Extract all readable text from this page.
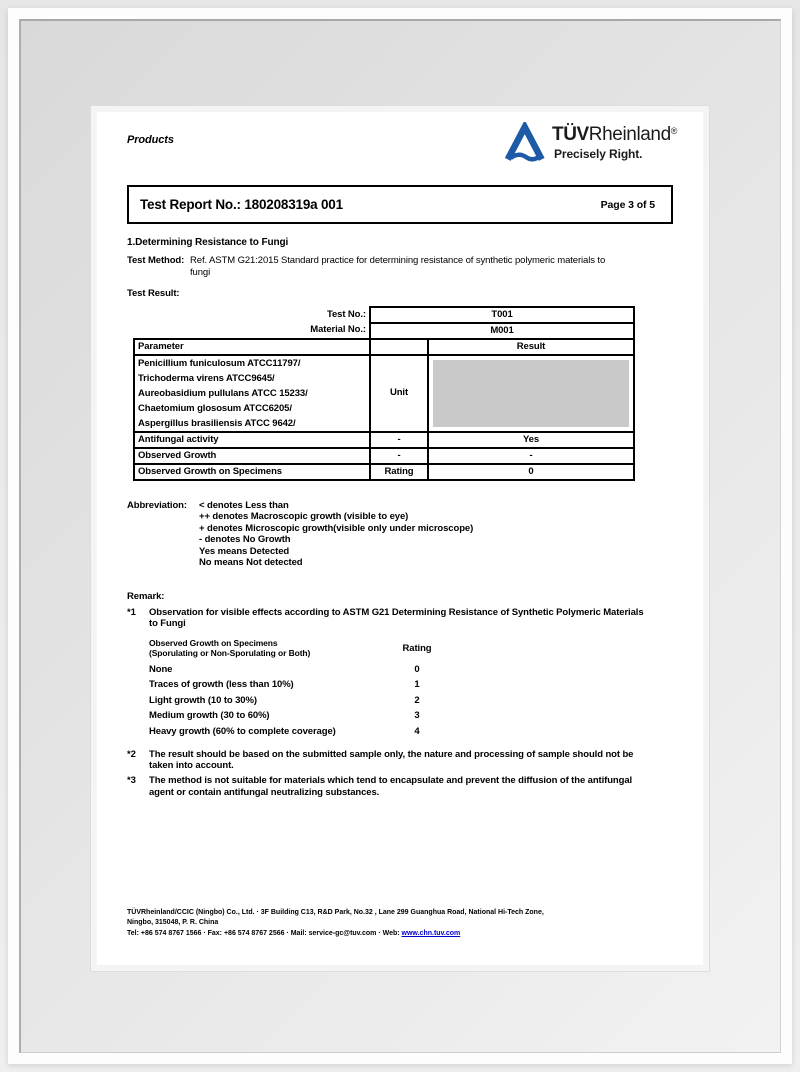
Products	TÜVRheinland®
Precisely Right.
Test Report No.: 180208319a 001	Page 3 of 5
1.Determining Resistance to Fungi
Test Method: Ref. ASTM G21:2015 Standard practice for determining resistance of synthetic polymeric materials to fungi
Test Result:
Test No.:	T001	
Material No.:	M001	
Parameter		Result

Penicillium funiculosum ATCC11797/
Trichoderma virens ATCC9645/
Aureobasidium pullulans ATCC 15233/
Chaetomium glososum ATCC6205/
Aspergillus brasiliensis ATCC 9642/	Unit	

Antifungal activity	-	Yes
Observed Growth	-	-
Observed Growth on Specimens	Rating	0
Abbreviation:	< denotes Less than
++ denotes Macroscopic growth (visible to eye)
+ denotes Microscopic growth(visible only under microscope)
- denotes No Growth
Yes means Detected
No means Not detected
Remark:
*1	Observation for visible effects according to ASTM G21 Determining Resistance of Synthetic Polymeric Materials to Fungi
Observed Growth on Specimens
(Sporulating or Non-Sporulating or Both)	Rating
None	0
Traces of growth (less than 10%)	1
Light growth (10 to 30%)	2
Medium growth (30 to 60%)	3
Heavy growth (60% to complete coverage)	4
*2	The result should be based on the submitted sample only, the nature and processing of sample should not be taken into account.
*3	The method is not suitable for materials which tend to encapsulate and prevent the diffusion of the antifungal agent or contain antifungal neutralizing substances.
TÜVRheinland/CCIC (Ningbo) Co., Ltd. · 3F Building C13, R&D Park, No.32 , Lane 299 Guanghua Road, National Hi-Tech Zone,
Ningbo, 315048, P. R. China
Tel: +86 574 8767 1566 · Fax: +86 574 8767 2566 · Mail: service-gc@tuv.com · Web: www.chn.tuv.com
